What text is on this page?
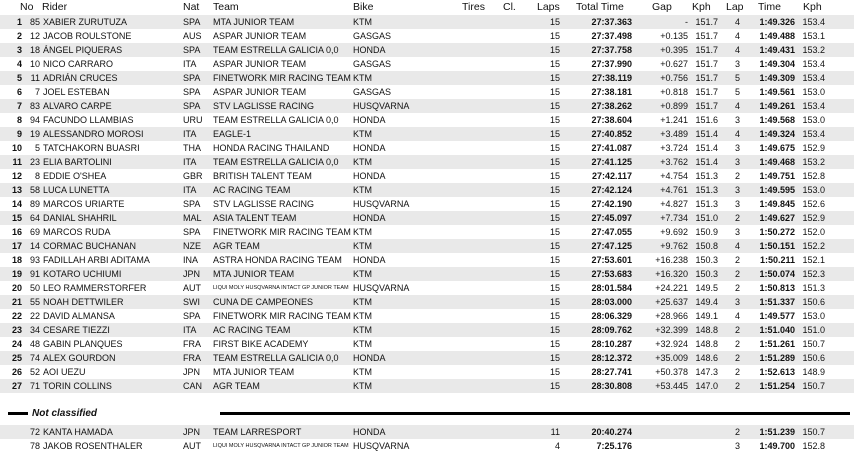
No Rider	Nat Team	Bike	Tires Cl. Laps Total Time	Gap Kph Lap Time Kph
1 85 XABIER ZURUTUZA	SPA MTA JUNIOR TEAM	KTM	15	27:37.363	- 151.7	4	1:49.326 153.4
2 12 JACOB ROULSTONE	AUS ASPAR JUNIOR TEAM	GASGAS	15	27:37.498	+0.135 151.7	4	1:49.488 153.1
3 18 ÁNGEL PIQUERAS	SPA TEAM ESTRELLA GALICIA 0,0 HONDA	15	27:37.758	+0.395 151.7	4	1:49.431 153.2
4 10 NICO CARRARO	ITA ASPAR JUNIOR TEAM	GASGAS	15	27:37.990	+0.627 151.7	3	1:49.304 153.4
5 11 ADRIÁN CRUCES	SPA FINETWORK MIR RACING TEAM KTM	15	27:38.119	+0.756 151.7	5	1:49.309 153.4
6	7 JOEL ESTEBAN	SPA ASPAR JUNIOR TEAM	GASGAS	15	27:38.181	+0.818 151.7	5	1:49.561 153.0
7 83 ALVARO CARPE	SPA STV LAGLISSE RACING	HUSQVARNA	15	27:38.262	+0.899 151.7	4	1:49.261 153.4
8 94 FACUNDO LLAMBIAS	URU TEAM ESTRELLA GALICIA 0,0 HONDA	15	27:38.604	+1.241 151.6	3	1:49.568 153.0
9 19 ALESSANDRO MOROSI	ITA EAGLE-1	KTM	15	27:40.852	+3.489 151.4	4	1:49.324 153.4
10	5 TATCHAKORN BUASRI	THA HONDA RACING THAILAND	HONDA	15	27:41.087	+3.724 151.4	3	1:49.675 152.9
11 23 ELIA BARTOLINI	ITA TEAM ESTRELLA GALICIA 0,0 KTM	15	27:41.125	+3.762 151.4	3	1:49.468 153.2
12	8 EDDIE O'SHEA	GBR BRITISH TALENT TEAM	HONDA	15	27:42.117	+4.754 151.3	2	1:49.751 152.8
13 58 LUCA LUNETTA	ITA AC RACING TEAM	KTM	15	27:42.124	+4.761 151.3	3	1:49.595 153.0
14 89 MARCOS URIARTE	SPA STV LAGLISSE RACING	HUSQVARNA	15	27:42.190	+4.827 151.3	3	1:49.845 152.6
15 64 DANIAL SHAHRIL	MAL ASIA TALENT TEAM	HONDA	15	27:45.097	+7.734 151.0	2	1:49.627 152.9
16 69 MARCOS RUDA	SPA FINETWORK MIR RACING TEAM KTM	15	27:47.055	+9.692 150.9	3	1:50.272 152.0
17 14 CORMAC BUCHANAN	NZE AGR TEAM	KTM	15	27:47.125	+9.762 150.8	4	1:50.151 152.2
18 93 FADILLAH ARBI ADITAMA	INA ASTRA HONDA RACING TEAM HONDA	15	27:53.601	+16.238 150.3	2	1:50.211 152.1
19 91 KOTARO UCHIUMI	JPN MTA JUNIOR TEAM	KTM	15	27:53.683	+16.320 150.3	2	1:50.074 152.3
20 50 LEO RAMMERSTORFER	AUT LIQUI MOLY HUSQVARNA INTACT GP JUNIOR TEAM HUSQVARNA	15	28:01.584	+24.221 149.5	2	1:50.813 151.3
21 55 NOAH DETTWILER	SWI CUNA DE CAMPEONES	KTM	15	28:03.000	+25.637 149.4	3	1:51.337 150.6
22 22 DAVID ALMANSA	SPA FINETWORK MIR RACING TEAM KTM	15	28:06.329	+28.966 149.1	4	1:49.577 153.0
23 34 CESARE TIEZZI	ITA AC RACING TEAM	KTM	15	28:09.762	+32.399 148.8	2	1:51.040 151.0
24 48 GABIN PLANQUES	FRA FIRST BIKE ACADEMY	KTM	15	28:10.287	+32.924 148.8	2	1:51.261 150.7
25 74 ALEX GOURDON	FRA TEAM ESTRELLA GALICIA 0,0 HONDA	15	28:12.372	+35.009 148.6	2	1:51.289 150.6
26 52 AOI UEZU	JPN MTA JUNIOR TEAM	KTM	15	28:27.741	+50.378 147.3	2	1:52.613 148.9
27 71 TORIN COLLINS	CAN AGR TEAM	KTM	15	28:30.808	+53.445 147.0	2	1:51.254 150.7
Not classified
72 KANTA HAMADA	JPN TEAM LARRESPORT	HONDA	11	20:40.274	2	1:51.239 150.7
78 JAKOB ROSENTHALER	AUT LIQUI MOLY HUSQVARNA INTACT GP JUNIOR TEAM HUSQVARNA	4	7:25.176	3	1:49.700 152.8
